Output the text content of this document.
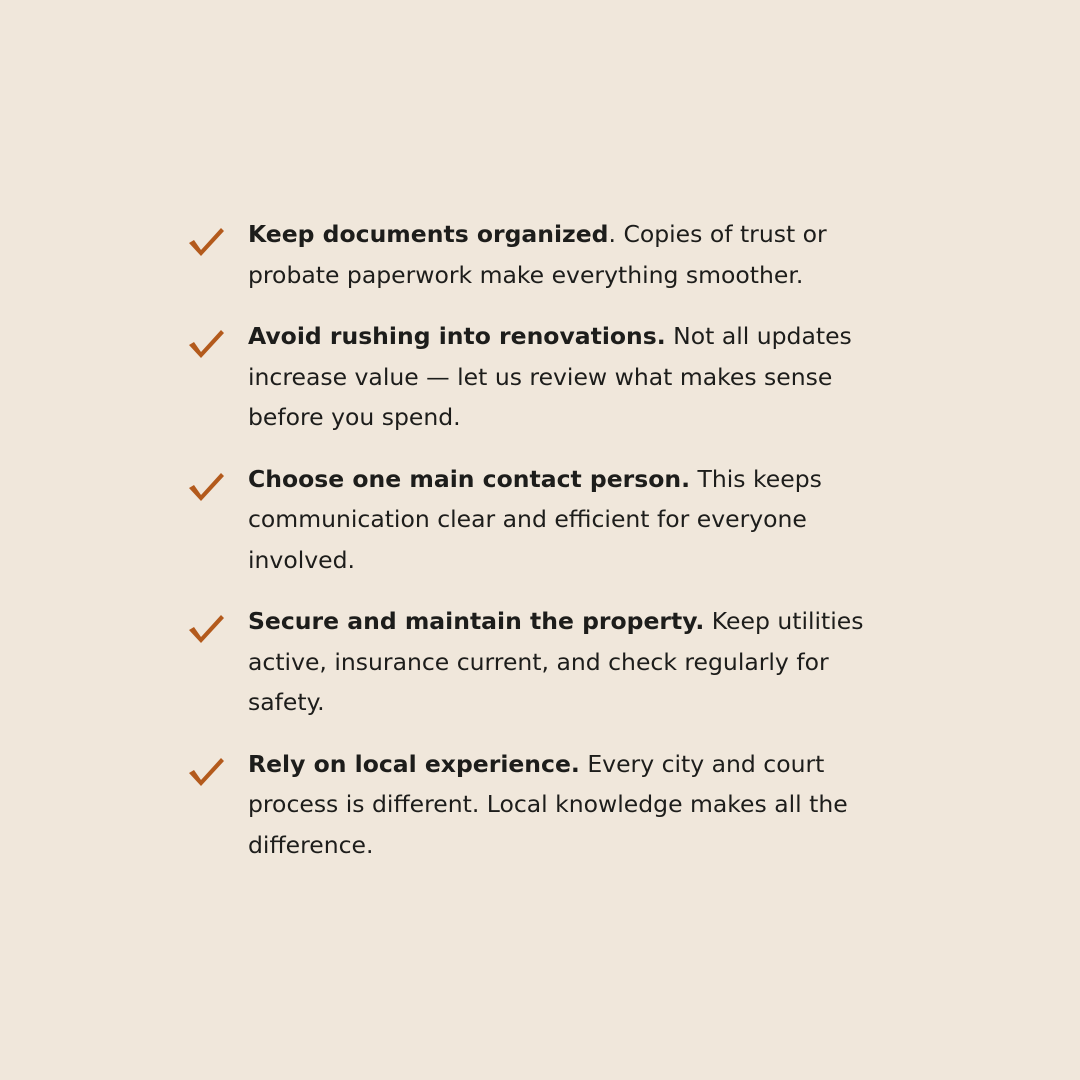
Keep documents organized. Copies of trust or probate paperwork make everything smoother.

Avoid rushing into renovations. Not all updates increase value — let us review what makes sense before you spend.

Choose one main contact person. This keeps communication clear and efficient for everyone involved.

Secure and maintain the property. Keep utilities active, insurance current, and check regularly for safety.

Rely on local experience. Every city and court process is different. Local knowledge makes all the difference.
